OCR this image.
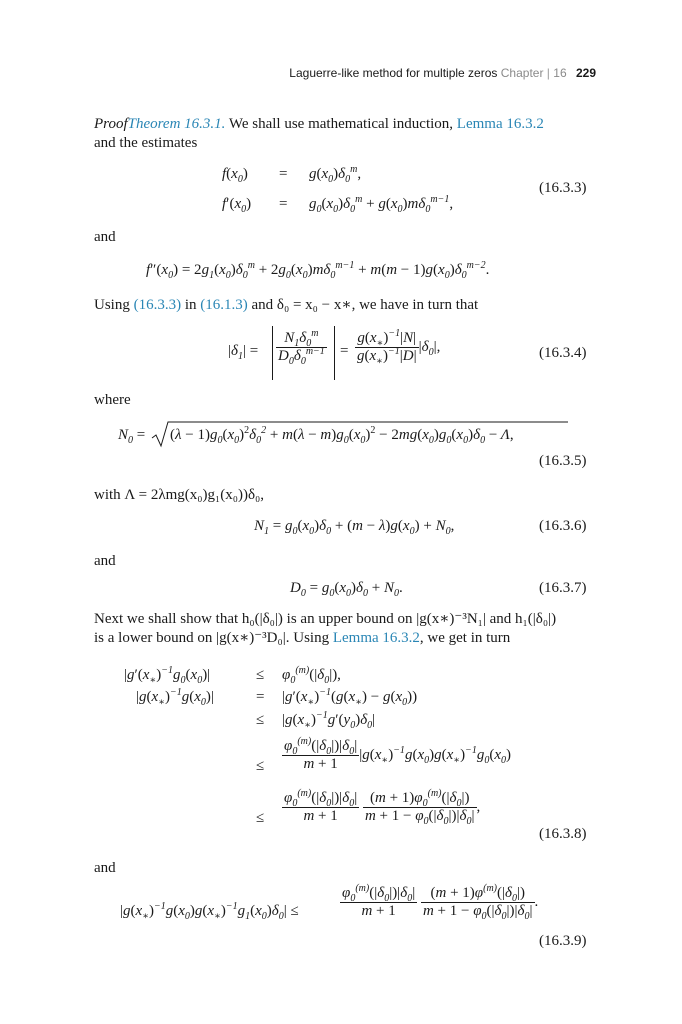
Laguerre-like method for multiple zeros Chapter | 16 229
ProofTheorem 16.3.1. We shall use mathematical induction, Lemma 16.3.2
and the estimates
$f(x_0) = g(x_0)\delta_0^m$,
(16.3.3)
$f'(x_0) = g_0(x_0)\delta_0^m + g(x_0)m\delta_0^{m-1}$,
and
$f''(x_0) = 2g_1(x_0)\delta_0^m + 2g_0(x_0)m\delta_0^{m-1} + m(m - 1)g(x_0)\delta_0^{m-2}$.
Using (16.3.3) in (16.1.3) and δ₀ = x₀ − x∗, we have in turn that
$|\delta_1| = \frac{N_1\delta_0^m}{D_0\delta_0^{m-1}} = \frac{g(x_∗)^{-1}|N|}{g(x_∗)^{-1}|D|} |\delta_0|$,	(16.3.4)
where
$N_0 = (\lambda - 1)g_0(x_0)^2\delta_0^2 + m(\lambda - m)g_0(x_0)^2 - 2mg(x_0)g_0(x_0)\delta_0 - \Lambda$,
(16.3.5)
with Λ = 2λmg(x₀)g₁(x₀))δ₀,
$N_1 = g_0(x_0)\delta_0 + (m - \lambda)g(x_0) + N_0$,	(16.3.6)
and
$D_0 = g_0(x_0)\delta_0 + N_0$.	(16.3.7)
Next we shall show that h₀(|δ₀|) is an upper bound on |g(x∗)⁻³N₁| and h₁(|δ₀|)
is a lower bound on |g(x∗)⁻³D₀|. Using Lemma 16.3.2, we get in turn
$|g'(x_∗)^{-1}g_0(x_0)|$	≤ $\varphi_0^{(m)}(|\delta_0|)$,
$|g(x_∗)^{-1}g(x_0)|$	= $|g'(x_∗)^{-1}(g(x_∗) - g(x_0))$
≤ $|g(x_∗)^{-1}g'(y_0)\delta_0|$
≤ $\frac{\varphi_0^{(m)}(|\delta_0|)|\delta_0|}{m + 1} |g(x_∗)^{-1}g(x_0)g(x_∗)^{-1}g_0(x_0)$
≤ $\frac{\varphi_0^{(m)}(|\delta_0|)|\delta_0|}{m + 1}$
$\frac{(m + 1)\varphi_0^{(m)}(|\delta_0|)}{m + 1 - \varphi_0(|\delta_0|)|\delta_0|}$ ,
(16.3.8)
and
$|g(x_∗)^{-1}g(x_0)g(x_∗)^{-1}g_1(x_0)\delta_0|$ ≤	$\frac{\varphi_0^{(m)}(|\delta_0|)|\delta_0|}{m + 1}$
$\frac{(m + 1)\varphi^{(m)}(|\delta_0|)}{m + 1 - \varphi_0(|\delta_0|)|\delta_0|}$ .
(16.3.9)
